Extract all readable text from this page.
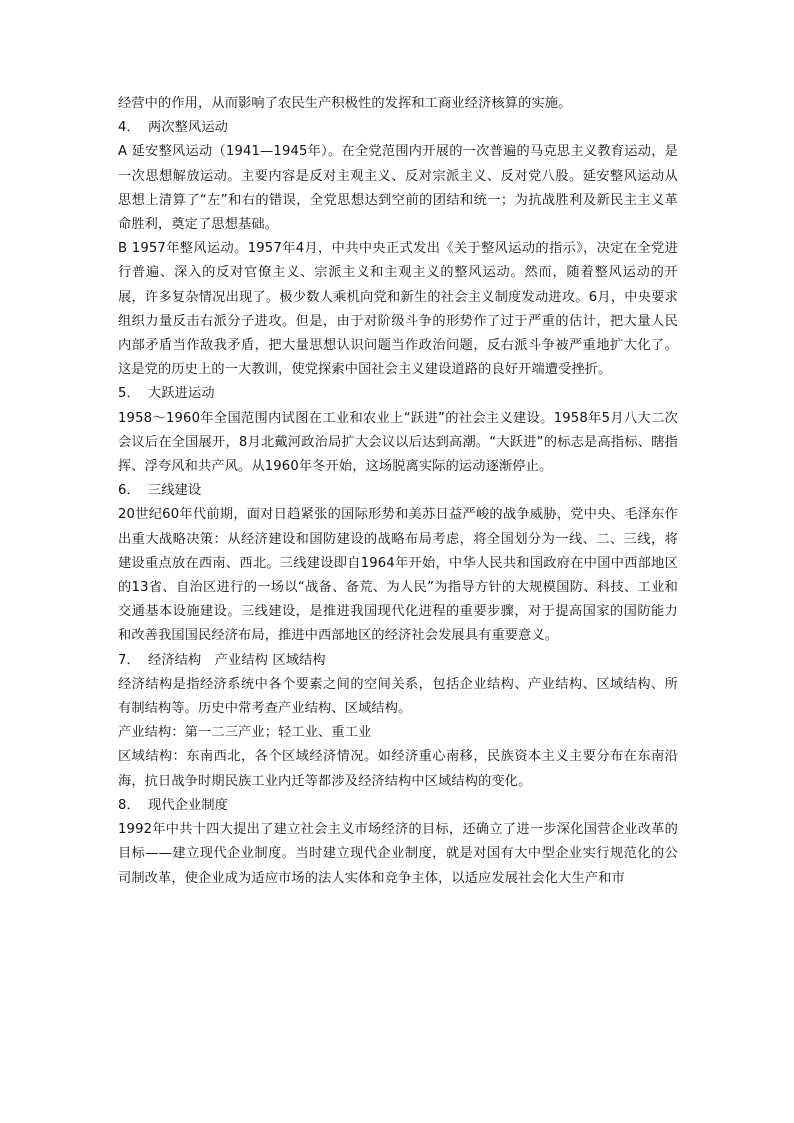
经营中的作用，从而影响了农民生产积极性的发挥和工商业经济核算的实施。

4． 两次整风运动

A 延安整风运动（1941—1945年）。在全党范围内开展的一次普遍的马克思主义教育运动，是一次思想解放运动。主要内容是反对主观主义、反对宗派主义、反对党八股。延安整风运动从思想上清算了“左”和右的错误，全党思想达到空前的团结和统一；为抗战胜利及新民主主义革命胜利，奠定了思想基础。

B 1957年整风运动。1957年4月，中共中央正式发出《关于整风运动的指示》，决定在全党进行普遍、深入的反对官僚主义、宗派主义和主观主义的整风运动。然而，随着整风运动的开展，许多复杂情况出现了。极少数人乘机向党和新生的社会主义制度发动进攻。6月，中央要求组织力量反击右派分子进攻。但是，由于对阶级斗争的形势作了过于严重的估计，把大量人民内部矛盾当作敌我矛盾，把大量思想认识问题当作政治问题，反右派斗争被严重地扩大化了。这是党的历史上的一大教训，使党探索中国社会主义建设道路的良好开端遭受挫折。

5． 大跃进运动

1958～1960年全国范围内试图在工业和农业上“跃进”的社会主义建设。1958年5月八大二次会议后在全国展开，8月北戴河政治局扩大会议以后达到高潮。“大跃进”的标志是高指标、瞎指挥、浮夸风和共产风。从1960年冬开始，这场脱离实际的运动逐渐停止。

6． 三线建设

20世纪60年代前期，面对日趋紧张的国际形势和美苏日益严峻的战争威胁，党中央、毛泽东作出重大战略决策：从经济建设和国防建设的战略布局考虑，将全国划分为一线、二、三线，将建设重点放在西南、西北。三线建设即自1964年开始，中华人民共和国政府在中国中西部地区的13省、自治区进行的一场以“战备、备荒、为人民”为指导方针的大规模国防、科技、工业和交通基本设施建设。三线建设，是推进我国现代化进程的重要步骤，对于提高国家的国防能力和改善我国国民经济布局，推进中西部地区的经济社会发展具有重要意义。

7． 经济结构　产业结构 区域结构

经济结构是指经济系统中各个要素之间的空间关系，包括企业结构、产业结构、区域结构、所有制结构等。历史中常考查产业结构、区域结构。

产业结构：第一二三产业；轻工业、重工业

区域结构：东南西北，各个区域经济情况。如经济重心南移，民族资本主义主要分布在东南沿海，抗日战争时期民族工业内迁等都涉及经济结构中区域结构的变化。

8． 现代企业制度

1992年中共十四大提出了建立社会主义市场经济的目标，还确立了进一步深化国营企业改革的目标——建立现代企业制度。当时建立现代企业制度，就是对国有大中型企业实行规范化的公司制改革，使企业成为适应市场的法人实体和竞争主体，以适应发展社会化大生产和市
